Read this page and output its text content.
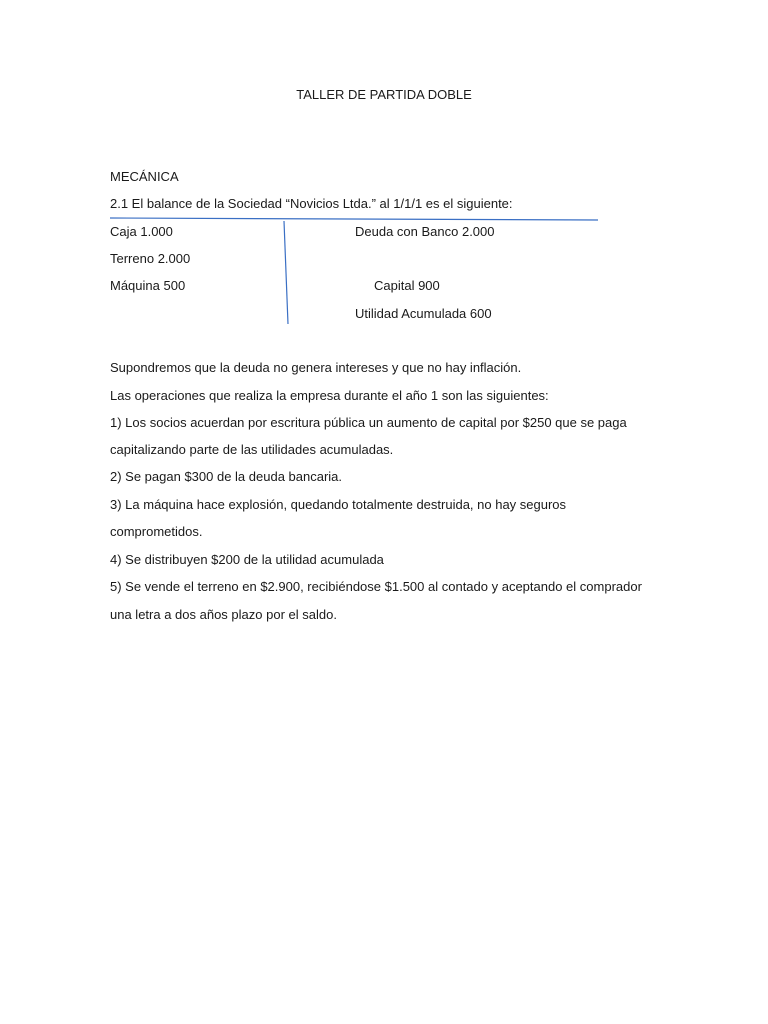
TALLER DE PARTIDA DOBLE
MECÁNICA
2.1 El balance de la Sociedad “Novicios Ltda.” al 1/1/1 es el siguiente:
Caja 1.000
Terreno 2.000
Máquina 500
Deuda con Banco 2.000
Capital 900
Utilidad Acumulada 600
Supondremos que la deuda no genera intereses y que no hay inflación.
Las operaciones que realiza la empresa durante el año 1 son las siguientes:
1) Los socios acuerdan por escritura pública un aumento de capital por $250 que se paga
capitalizando parte de las utilidades acumuladas.
2) Se pagan $300 de la deuda bancaria.
3) La máquina hace explosión, quedando totalmente destruida, no hay seguros
comprometidos.
4) Se distribuyen $200 de la utilidad acumulada
5) Se vende el terreno en $2.900, recibiéndose $1.500 al contado y aceptando el comprador
una letra a dos años plazo por el saldo.
